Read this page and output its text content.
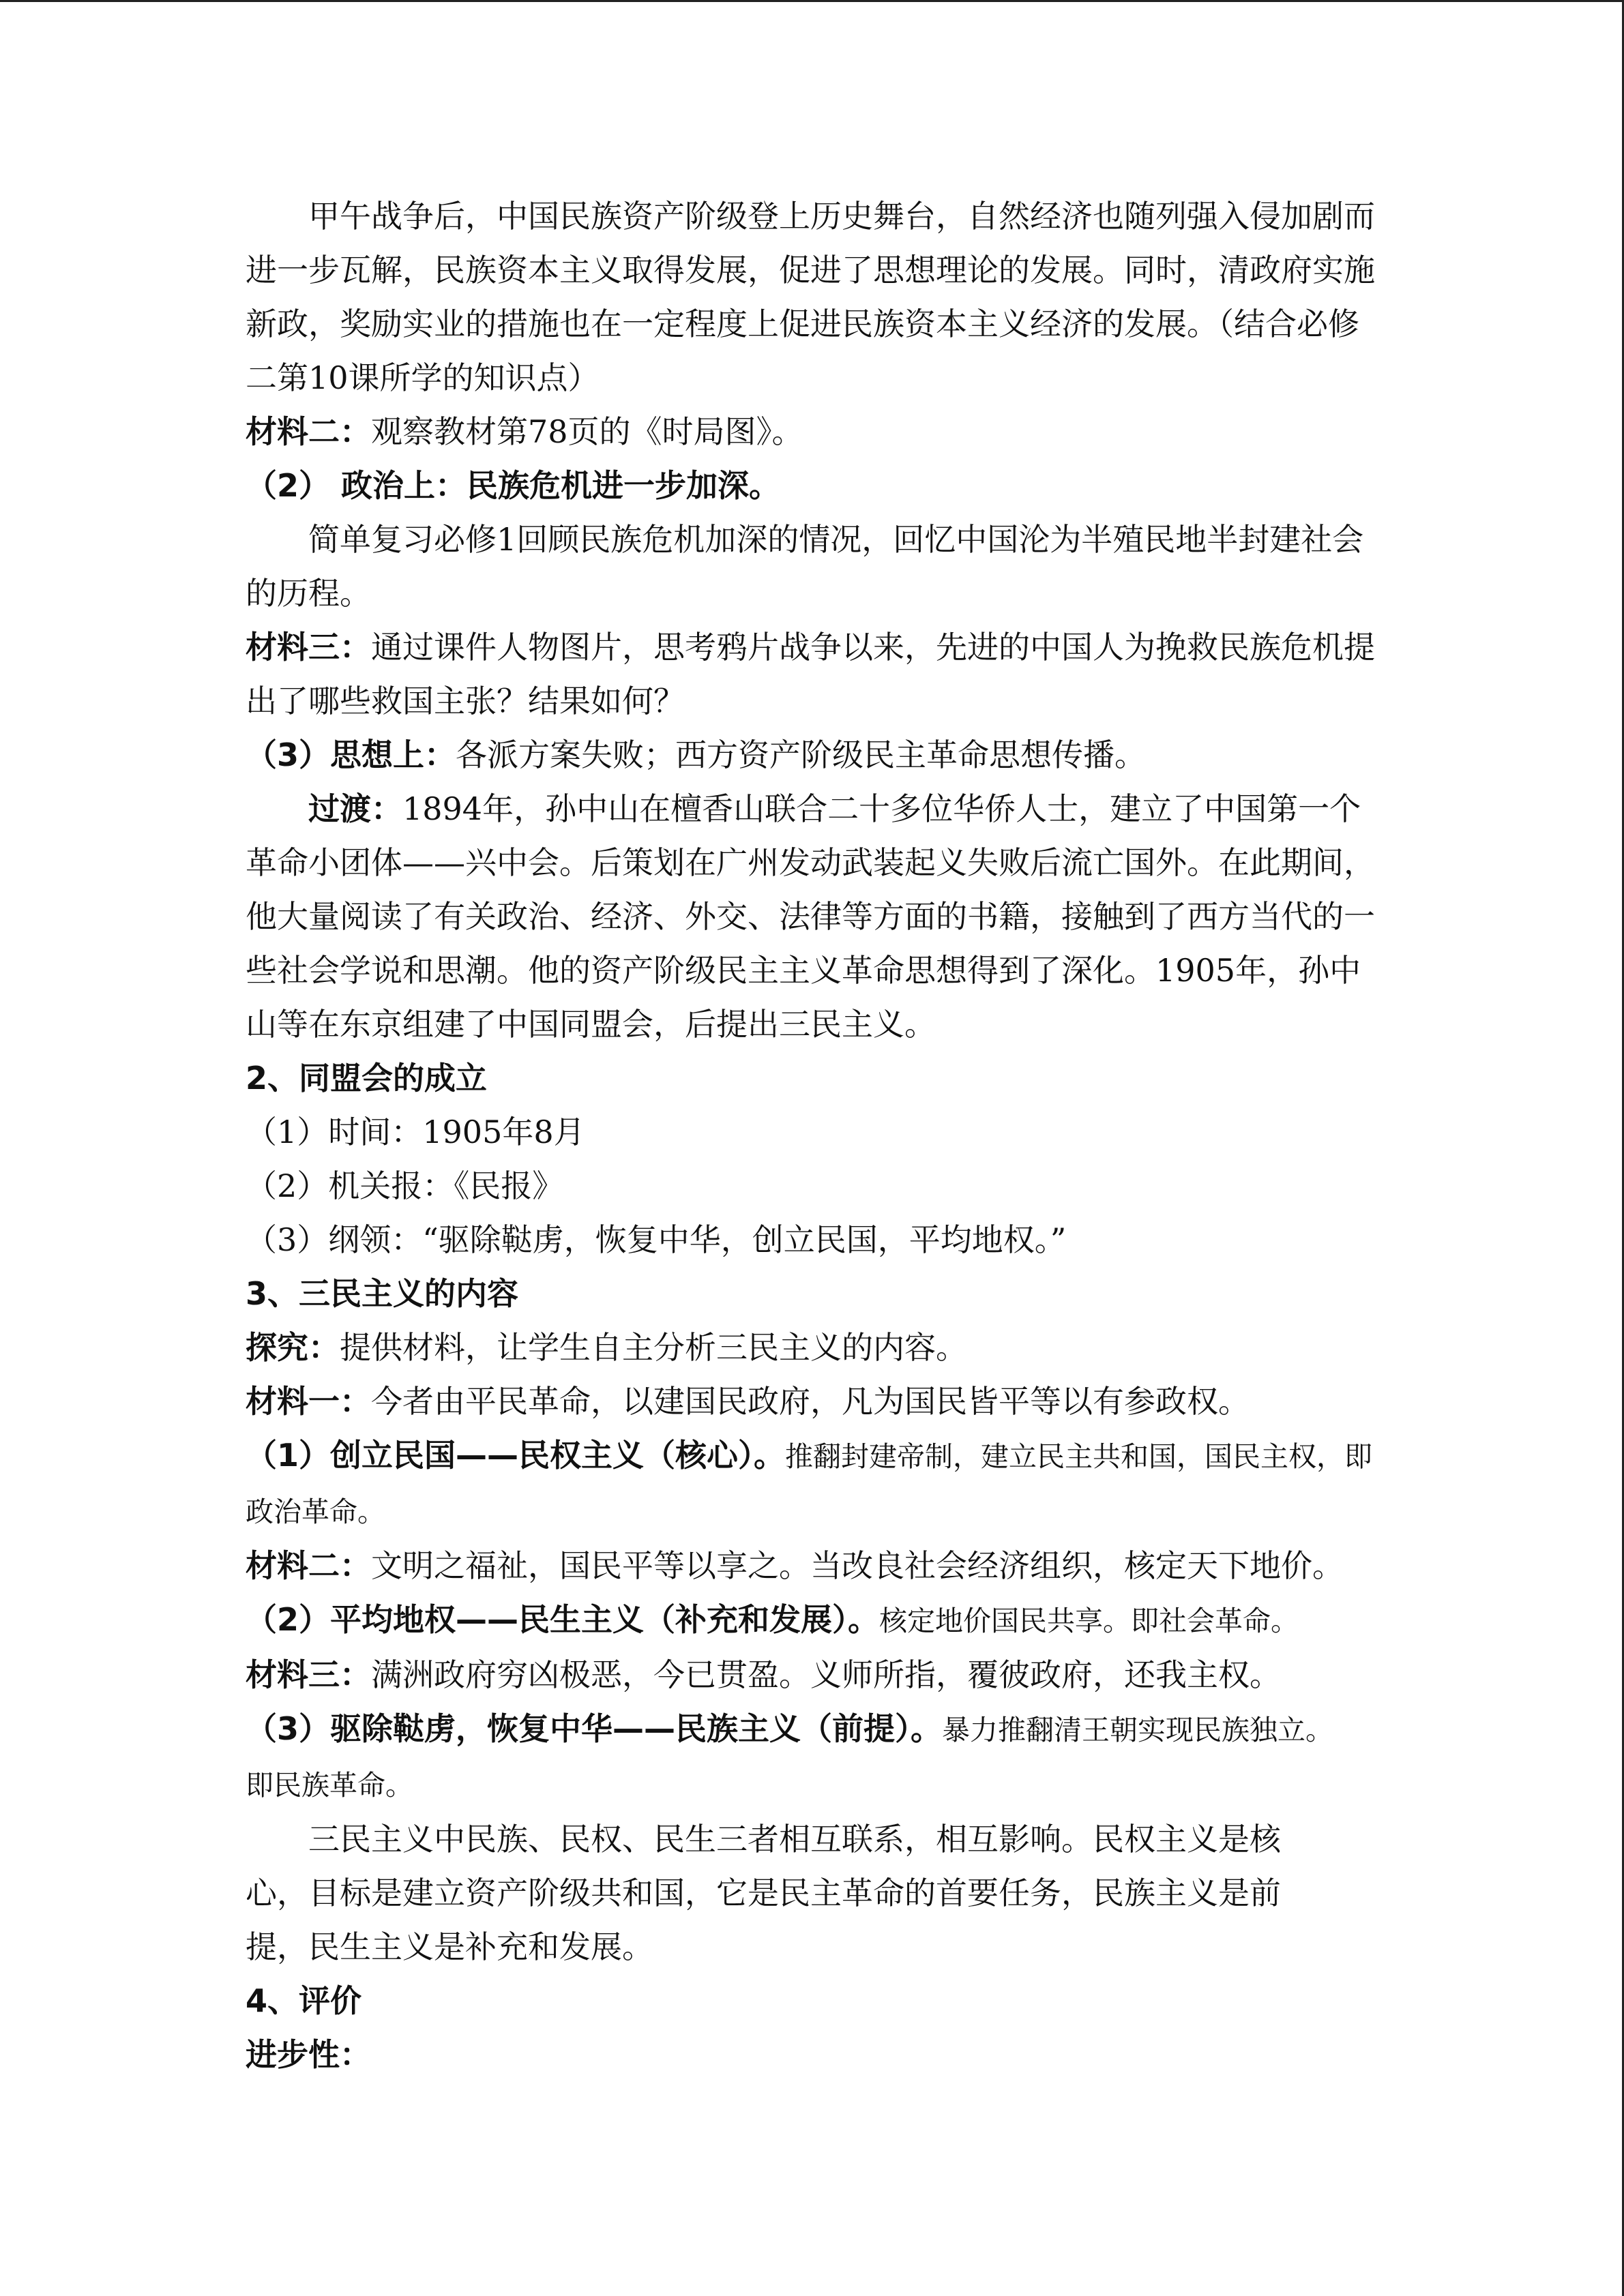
甲午战争后，中国民族资产阶级登上历史舞台，自然经济也随列强入侵加剧而进一步瓦解，民族资本主义取得发展，促进了思想理论的发展。同时，清政府实施新政，奖励实业的措施也在一定程度上促进民族资本主义经济的发展。（结合必修二第10课所学的知识点）

材料二：观察教材第78页的《时局图》。

（2） 政治上：民族危机进一步加深。

简单复习必修1回顾民族危机加深的情况，回忆中国沦为半殖民地半封建社会的历程。

材料三：通过课件人物图片，思考鸦片战争以来，先进的中国人为挽救民族危机提出了哪些救国主张？结果如何？

（3）思想上：各派方案失败；西方资产阶级民主革命思想传播。

过渡：1894年，孙中山在檀香山联合二十多位华侨人士，建立了中国第一个革命小团体——兴中会。后策划在广州发动武装起义失败后流亡国外。在此期间，他大量阅读了有关政治、经济、外交、法律等方面的书籍，接触到了西方当代的一些社会学说和思潮。他的资产阶级民主主义革命思想得到了深化。1905年，孙中山等在东京组建了中国同盟会，后提出三民主义。

2、同盟会的成立

（1）时间：1905年8月

（2）机关报：《民报》

（3）纲领：“驱除鞑虏，恢复中华，创立民国，平均地权。”

3、三民主义的内容

探究：提供材料，让学生自主分析三民主义的内容。

材料一：今者由平民革命，以建国民政府，凡为国民皆平等以有参政权。

（1）创立民国——民权主义（核心）。推翻封建帝制，建立民主共和国，国民主权，即政治革命。

材料二：文明之福祉，国民平等以享之。当改良社会经济组织，核定天下地价。

（2）平均地权——民生主义（补充和发展）。核定地价国民共享。即社会革命。

材料三：满洲政府穷凶极恶，今已贯盈。义师所指，覆彼政府，还我主权。

（3）驱除鞑虏，恢复中华——民族主义（前提）。暴力推翻清王朝实现民族独立。即民族革命。

三民主义中民族、民权、民生三者相互联系，相互影响。民权主义是核心，目标是建立资产阶级共和国，它是民主革命的首要任务，民族主义是前提，民生主义是补充和发展。

4、评价

进步性：
